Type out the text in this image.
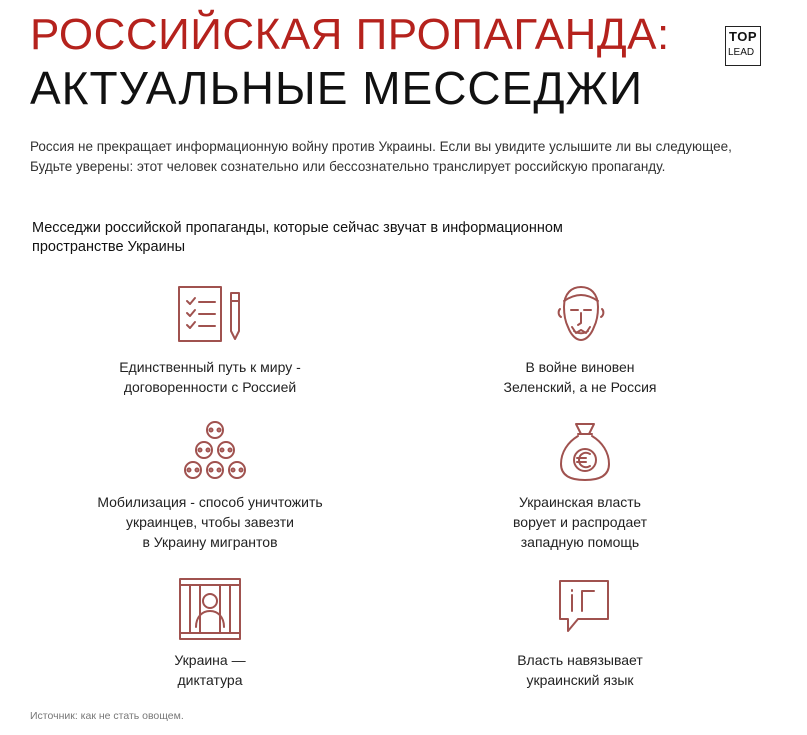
РОССИЙСКАЯ ПРОПАГАНДА:
АКТУАЛЬНЫЕ МЕССЕДЖИ
TOP
LEAD
Россия не прекращает информационную войну против Украины. Если вы увидите услышите ли вы следующее, Будьте уверены: этот человек сознательно или бессознательно транслирует российскую пропаганду.
Месседжи российской пропаганды, которые сейчас звучат в информационном пространстве Украины
Единственный путь к миру -
договоренности с Россией
В войне виновен
Зеленский, а не Россия
Мобилизация - способ уничтожить
украинцев, чтобы завезти
в Украину мигрантов
Украинская власть
ворует и распродает
западную помощь
Украина —
диктатура
Власть навязывает
украинский язык
Источник: как не стать овощем.
